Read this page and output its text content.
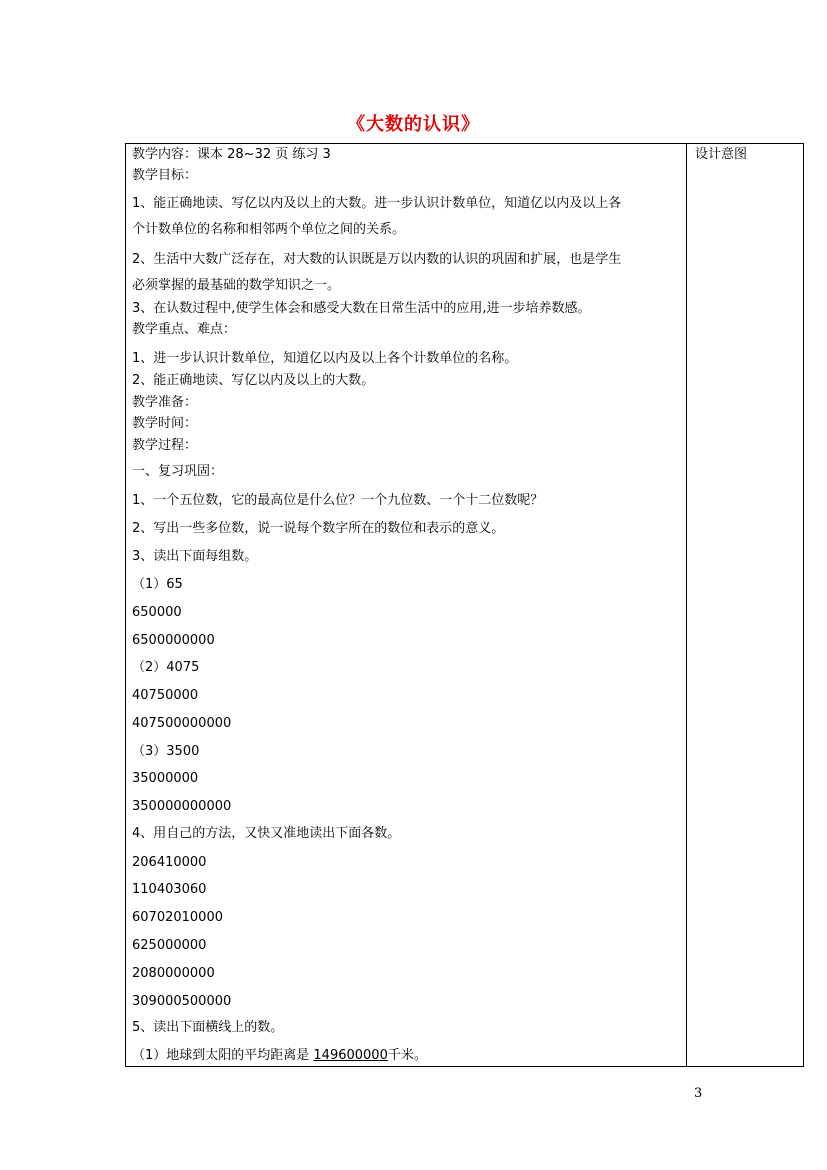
《大数的认识》
设计意图
教学内容：课本 28~32 页 练习 3
教学目标：
1、能正确地读、写亿以内及以上的大数。进一步认识计数单位，知道亿以内及以上各
个计数单位的名称和相邻两个单位之间的关系。
2、生活中大数广泛存在，对大数的认识既是万以内数的认识的巩固和扩展，也是学生
必须掌握的最基础的数学知识之一。
3、在认数过程中,使学生体会和感受大数在日常生活中的应用,进一步培养数感。
教学重点、难点：
1、进一步认识计数单位，知道亿以内及以上各个计数单位的名称。
2、能正确地读、写亿以内及以上的大数。
教学准备：
教学时间：
教学过程：
一、复习巩固：
1、一个五位数，它的最高位是什么位？一个九位数、一个十二位数呢？
2、写出一些多位数，说一说每个数字所在的数位和表示的意义。
3、读出下面每组数。
（1）65
650000
6500000000
（2）4075
40750000
407500000000
（3）3500
35000000
350000000000
4、用自己的方法，又快又准地读出下面各数。
206410000
110403060
60702010000
625000000
2080000000
309000500000
5、读出下面横线上的数。
（1）地球到太阳的平均距离是 149600000千米。
3
